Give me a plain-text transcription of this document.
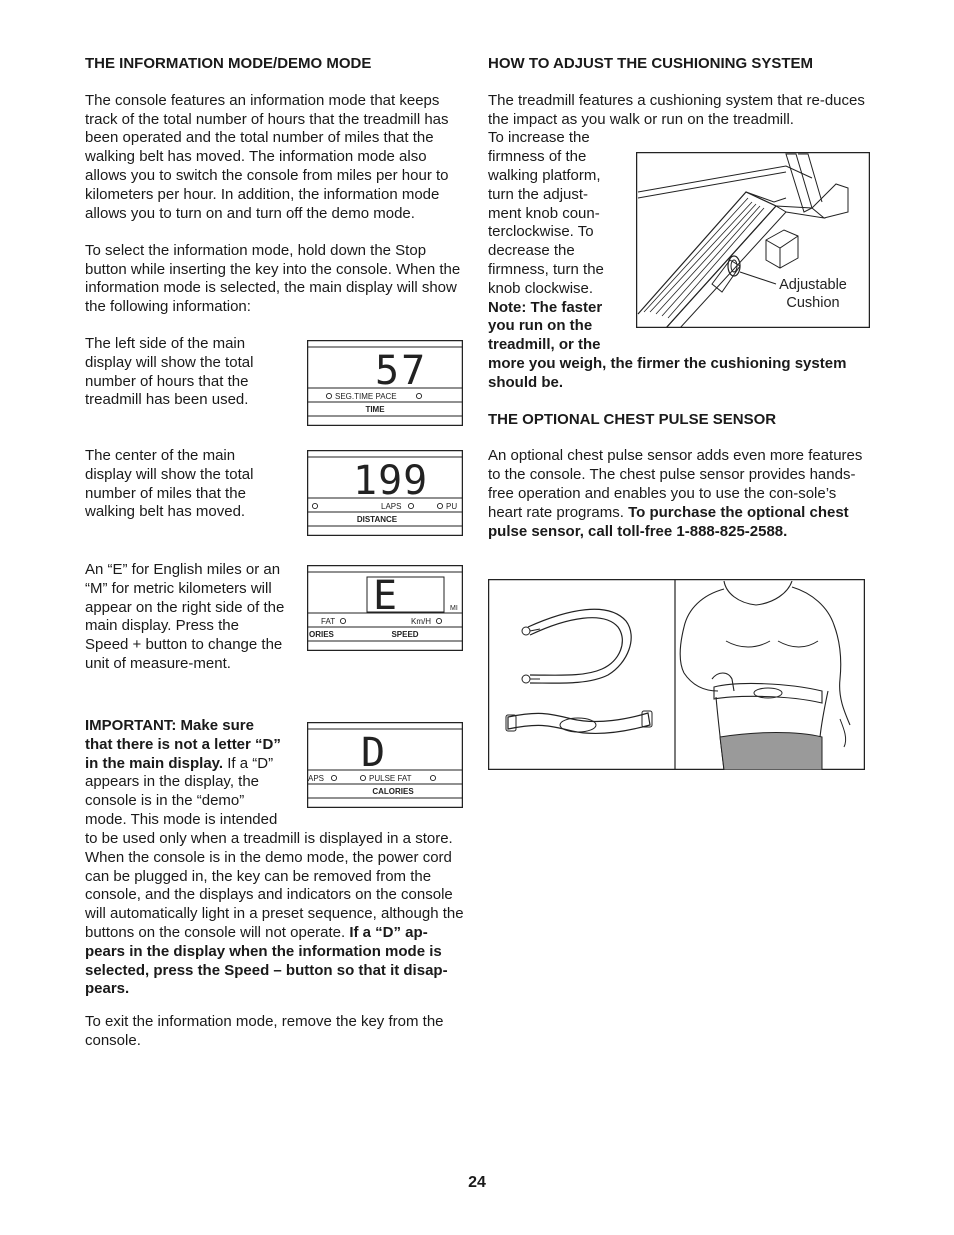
THE INFORMATION MODE/DEMO MODE

The console features an information mode that keeps track of the total number of hours that the treadmill has been operated and the total number of miles that the walking belt has moved. The information mode also allows you to switch the console from miles per hour to kilometers per hour. In addition, the information mode allows you to turn on and turn off the demo mode.

To select the information mode, hold down the Stop button while inserting the key into the console. When the information mode is selected, the main display will show the following information:

The left side of the main display will show the total number of hours that the treadmill has been used.

The center of the main display will show the total number of miles that the walking belt has moved.

An “E” for English miles or an “M” for metric kilometers will appear on the right side of the main display. Press the Speed + button to change the unit of measure-ment.

IMPORTANT: Make sure that there is not a letter “D” in the main display. If a “D” appears in the display, the console is in the “demo” mode. This mode is intended

to be used only when a treadmill is displayed in a store. When the console is in the demo mode, the power cord can be plugged in, the key can be removed from the console, and the displays and indicators on the console will automatically light in a preset sequence, although the buttons on the console will not operate. If a “D” ap-pears in the display when the information mode is selected, press the Speed – button so that it disap-pears.

To exit the information mode, remove the key from the console.

57
SEG.TIME PACE
TIME
199
LAPS	PU
DISTANCE
E	MI
FAT	Km/H
ORIES	SPEED
D
APS	PULSE FAT
CALORIES
HOW TO ADJUST THE CUSHIONING SYSTEM

The treadmill features a cushioning system that re-duces the impact as you walk or run on the treadmill.

To increase the firmness of the walking platform, turn the adjust-ment knob coun-terclockwise. To decrease the firmness, turn the knob clockwise.

Note: The faster you run on the treadmill, or the

more you weigh, the firmer the cushioning system should be.

THE OPTIONAL CHEST PULSE SENSOR

An optional chest pulse sensor adds even more features to the console. The chest pulse sensor provides hands-free operation and enables you to use the con-sole’s heart rate programs. To purchase the optional chest pulse sensor, call toll-free 1-888-825-2588.

Adjustable
Cushion
24
